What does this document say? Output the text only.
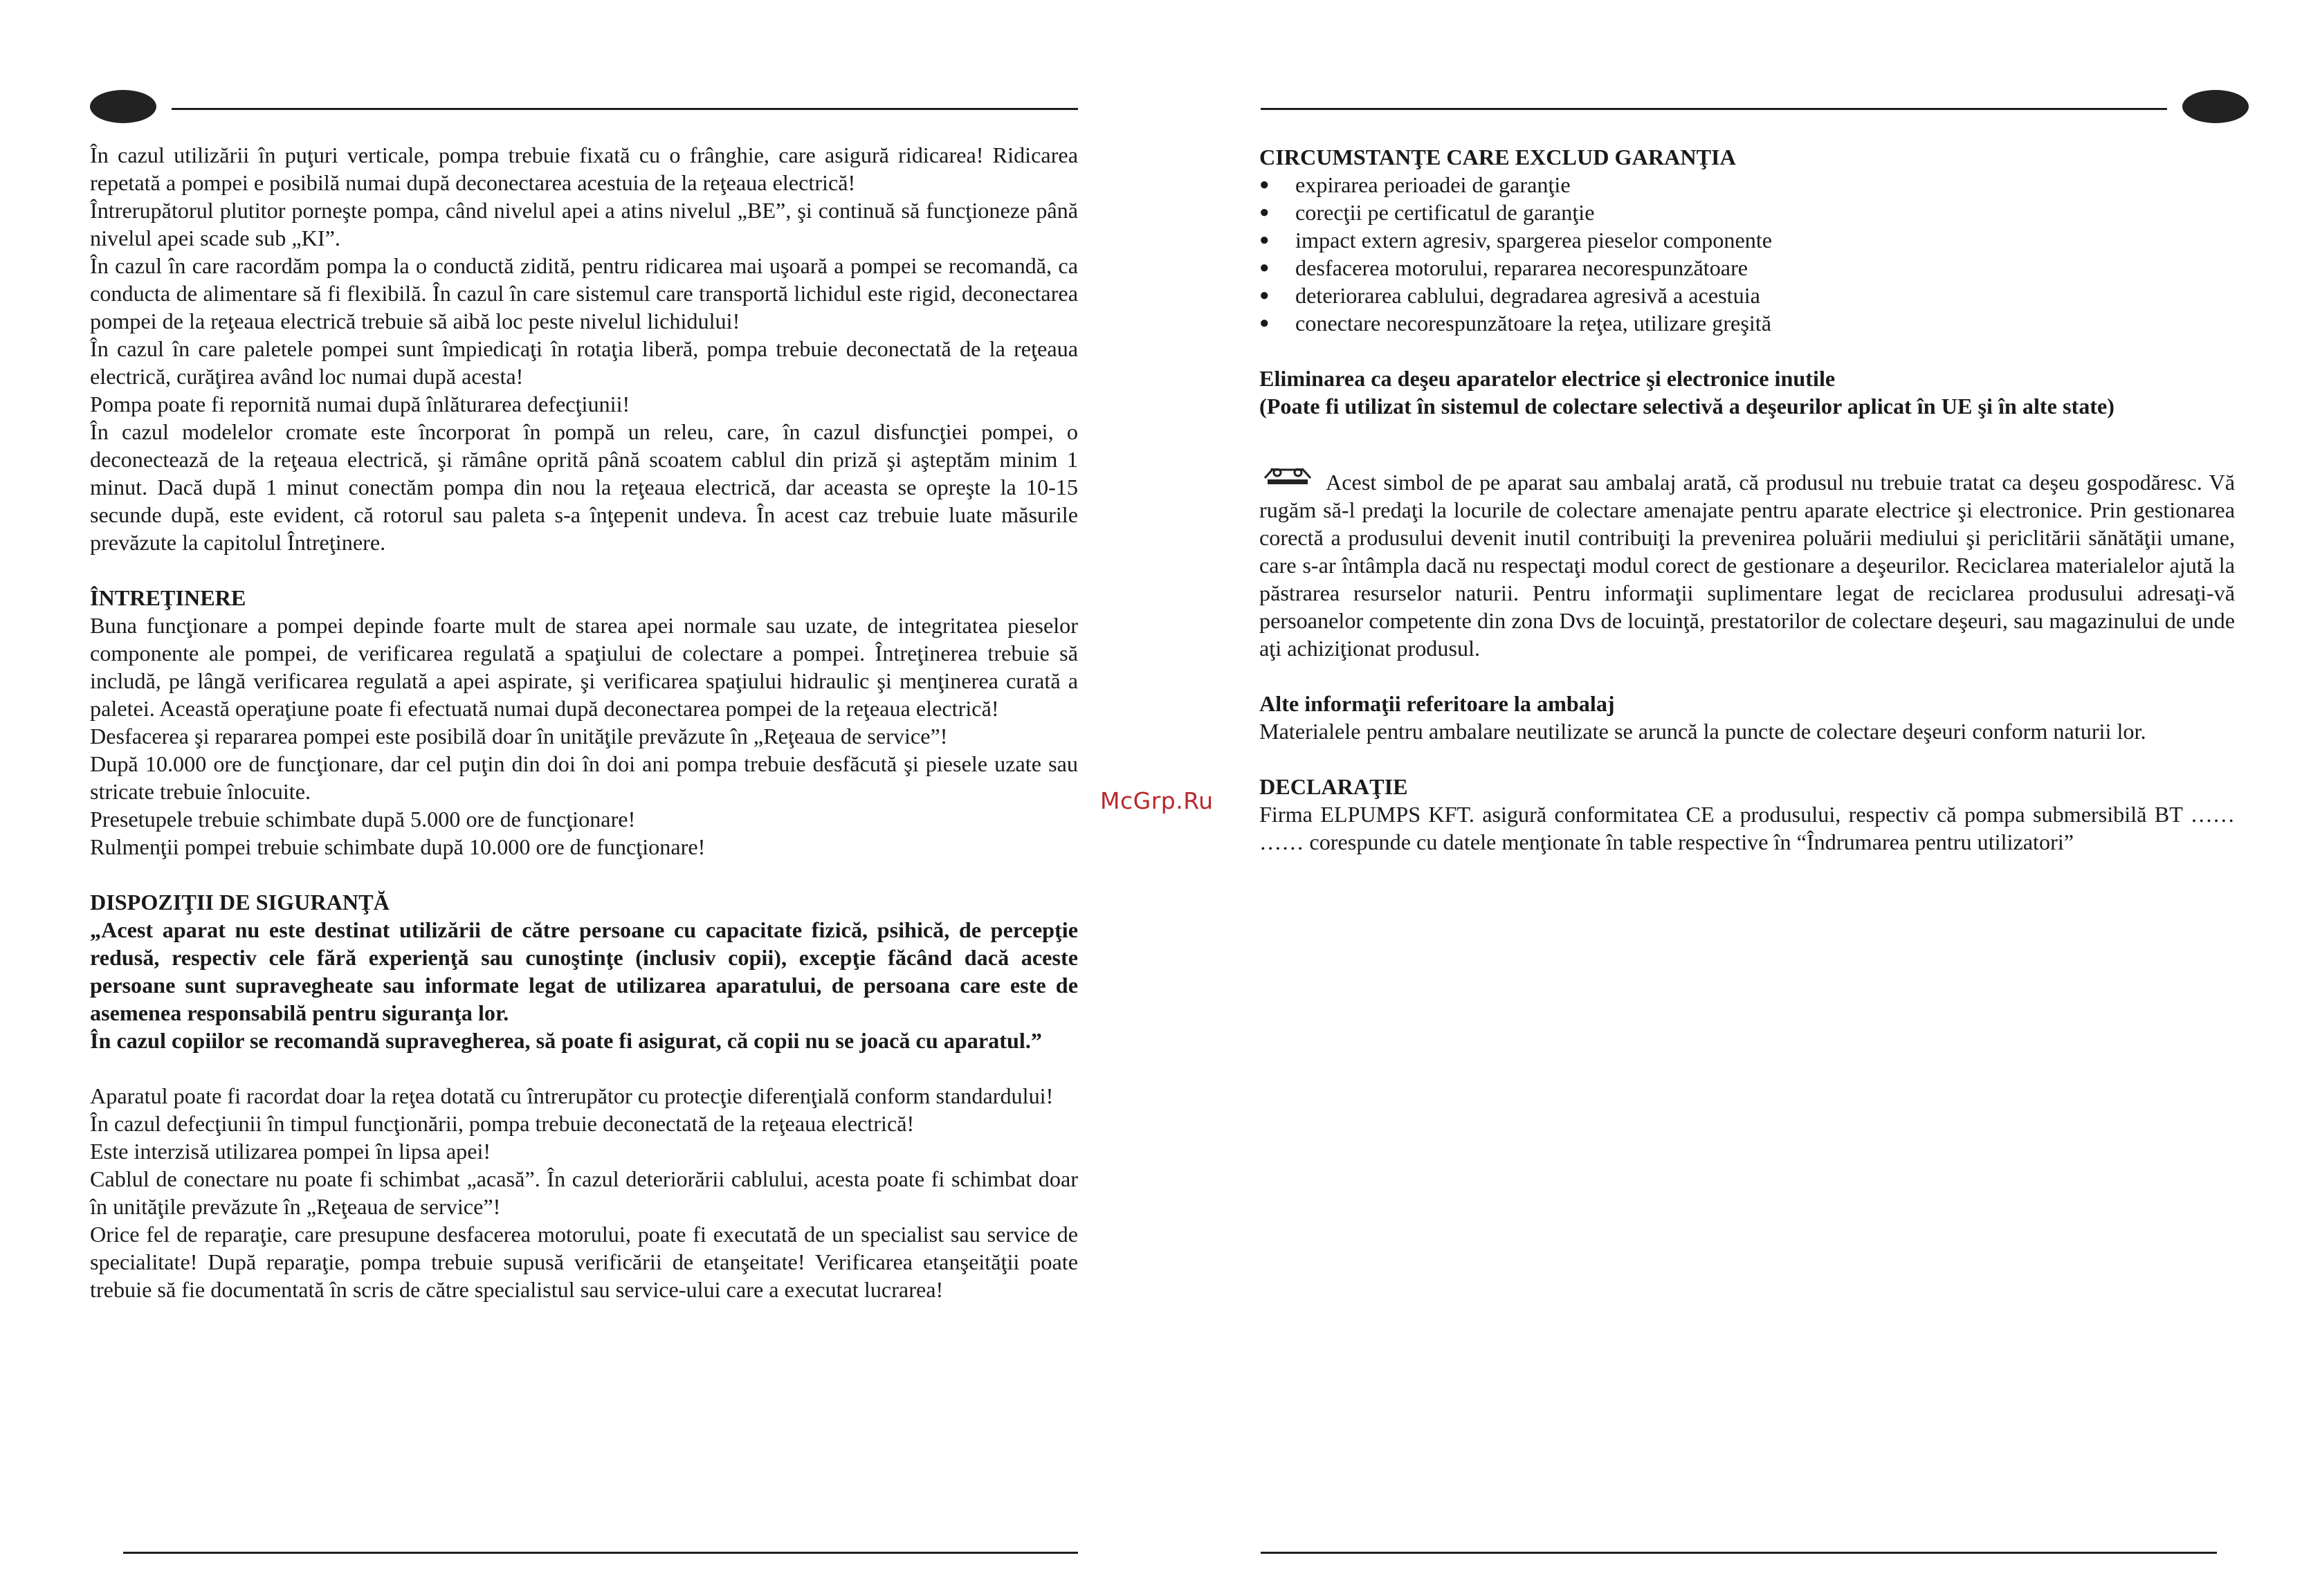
În cazul utilizării în puţuri verticale, pompa trebuie fixată cu o frânghie, care asigură ridicarea! Ridicarea repetată a pompei e posibilă numai după deconectarea acestuia de la reţeaua electrică!

Întrerupătorul plutitor porneşte pompa, când nivelul apei a atins nivelul „BE”, şi continuă să funcţioneze până nivelul apei scade sub „KI”.

În cazul în care racordăm pompa la o conductă zidită, pentru ridicarea mai uşoară a pompei se recomandă, ca conducta de alimentare să fi flexibilă. În cazul în care sistemul care transportă lichidul este rigid, deconectarea pompei de la reţeaua electrică trebuie să aibă loc peste nivelul lichidului!

În cazul în care paletele pompei sunt împiedicaţi în rotaţia liberă, pompa trebuie deconectată de la reţeaua electrică, curăţirea având loc numai după acesta!

Pompa poate fi repornită numai după înlăturarea defecţiunii!

În cazul modelelor cromate este încorporat în pompă un releu, care, în cazul disfuncţiei pompei, o deconectează de la reţeaua electrică, şi rămâne oprită până scoatem cablul din priză şi aşteptăm minim 1 minut. Dacă după 1 minut conectăm pompa din nou la reţeaua electrică, dar aceasta se opreşte la 10-15 secunde după, este evident, că rotorul sau paleta s-a înţepenit undeva. În acest caz trebuie luate măsurile prevăzute la capitolul Întreţinere.

ÎNTREŢINERE

Buna funcţionare a pompei depinde foarte mult de starea apei normale sau uzate, de integritatea pieselor componente ale pompei, de verificarea regulată a spaţiului de colectare a pompei. Întreţinerea trebuie să includă, pe lângă verificarea regulată a apei aspirate, şi verificarea spaţiului hidraulic şi menţinerea curată a paletei. Această operaţiune poate fi efectuată numai după deconectarea pompei de la reţeaua electrică!

Desfacerea şi repararea pompei este posibilă doar în unităţile prevăzute în „Reţeaua de service”!

După 10.000 ore de funcţionare, dar cel puţin din doi în doi ani pompa trebuie desfăcută şi piesele uzate sau stricate trebuie înlocuite.

Presetupele trebuie schimbate după 5.000 ore de funcţionare!

Rulmenţii pompei trebuie schimbate după 10.000 ore de funcţionare!

DISPOZIŢII DE SIGURANŢĂ

„Acest aparat nu este destinat utilizării de către persoane cu capacitate fizică, psihică, de percepţie redusă, respectiv cele fără experienţă sau cunoştinţe (inclusiv copii), excepţie făcând dacă aceste persoane sunt supravegheate sau informate legat de utilizarea aparatului, de persoana care este de asemenea responsabilă pentru siguranţa lor.

În cazul copiilor se recomandă supravegherea, să poate fi asigurat, că copii nu se joacă cu aparatul.”

Aparatul poate fi racordat doar la reţea dotată cu întrerupător cu protecţie diferenţială conform standardului!

În cazul defecţiunii în timpul funcţionării, pompa trebuie deconectată de la reţeaua electrică!

Este interzisă utilizarea pompei în lipsa apei!

Cablul de conectare nu poate fi schimbat „acasă”. În cazul deteriorării cablului, acesta poate fi schimbat doar în unităţile prevăzute în „Reţeaua de service”!

Orice fel de reparaţie, care presupune desfacerea motorului, poate fi executată de un specialist sau service de specialitate! După reparaţie, pompa trebuie supusă verificării de etanşeitate! Verificarea etanşeităţii poate trebuie să fie documentată în scris de către specialistul sau service-ului care a executat lucrarea!

McGrp.Ru

CIRCUMSTANŢE CARE EXCLUD GARANŢIA

● expirarea perioadei de garanţie
● corecţii pe certificatul de garanţie
● impact extern agresiv, spargerea pieselor componente
● desfacerea motorului, repararea necorespunzătoare
● deteriorarea cablului, degradarea agresivă a acestuia
● conectare necorespunzătoare la reţea, utilizare greşită

Eliminarea ca deşeu aparatelor electrice şi electronice inutile

(Poate fi utilizat în sistemul de colectare selectivă a deşeurilor aplicat în UE şi în alte state)

Acest simbol de pe aparat sau ambalaj arată, că produsul nu trebuie tratat ca deşeu gospodăresc. Vă rugăm să-l predaţi la locurile de colectare amenajate pentru aparate electrice şi electronice. Prin gestionarea corectă a produsului devenit inutil contribuiţi la prevenirea poluării mediului şi periclitării sănătăţii umane, care s-ar întâmpla dacă nu respectaţi modul corect de gestionare a deşeurilor. Reciclarea materialelor ajută la păstrarea resurselor naturii. Pentru informaţii suplimentare legat de reciclarea produsului adresaţi-vă persoanelor competente din zona Dvs de locuinţă, prestatorilor de colectare deşeuri, sau magazinului de unde aţi achiziţionat produsul.

Alte informaţii referitoare la ambalaj

Materialele pentru ambalare neutilizate se aruncă la puncte de colectare deşeuri conform naturii lor.

DECLARAŢIE

Firma ELPUMPS KFT. asigură conformitatea CE a produsului, respectiv că pompa submersibilă BT …… …… corespunde cu datele menţionate în table respective în “Îndrumarea pentru utilizatori”
